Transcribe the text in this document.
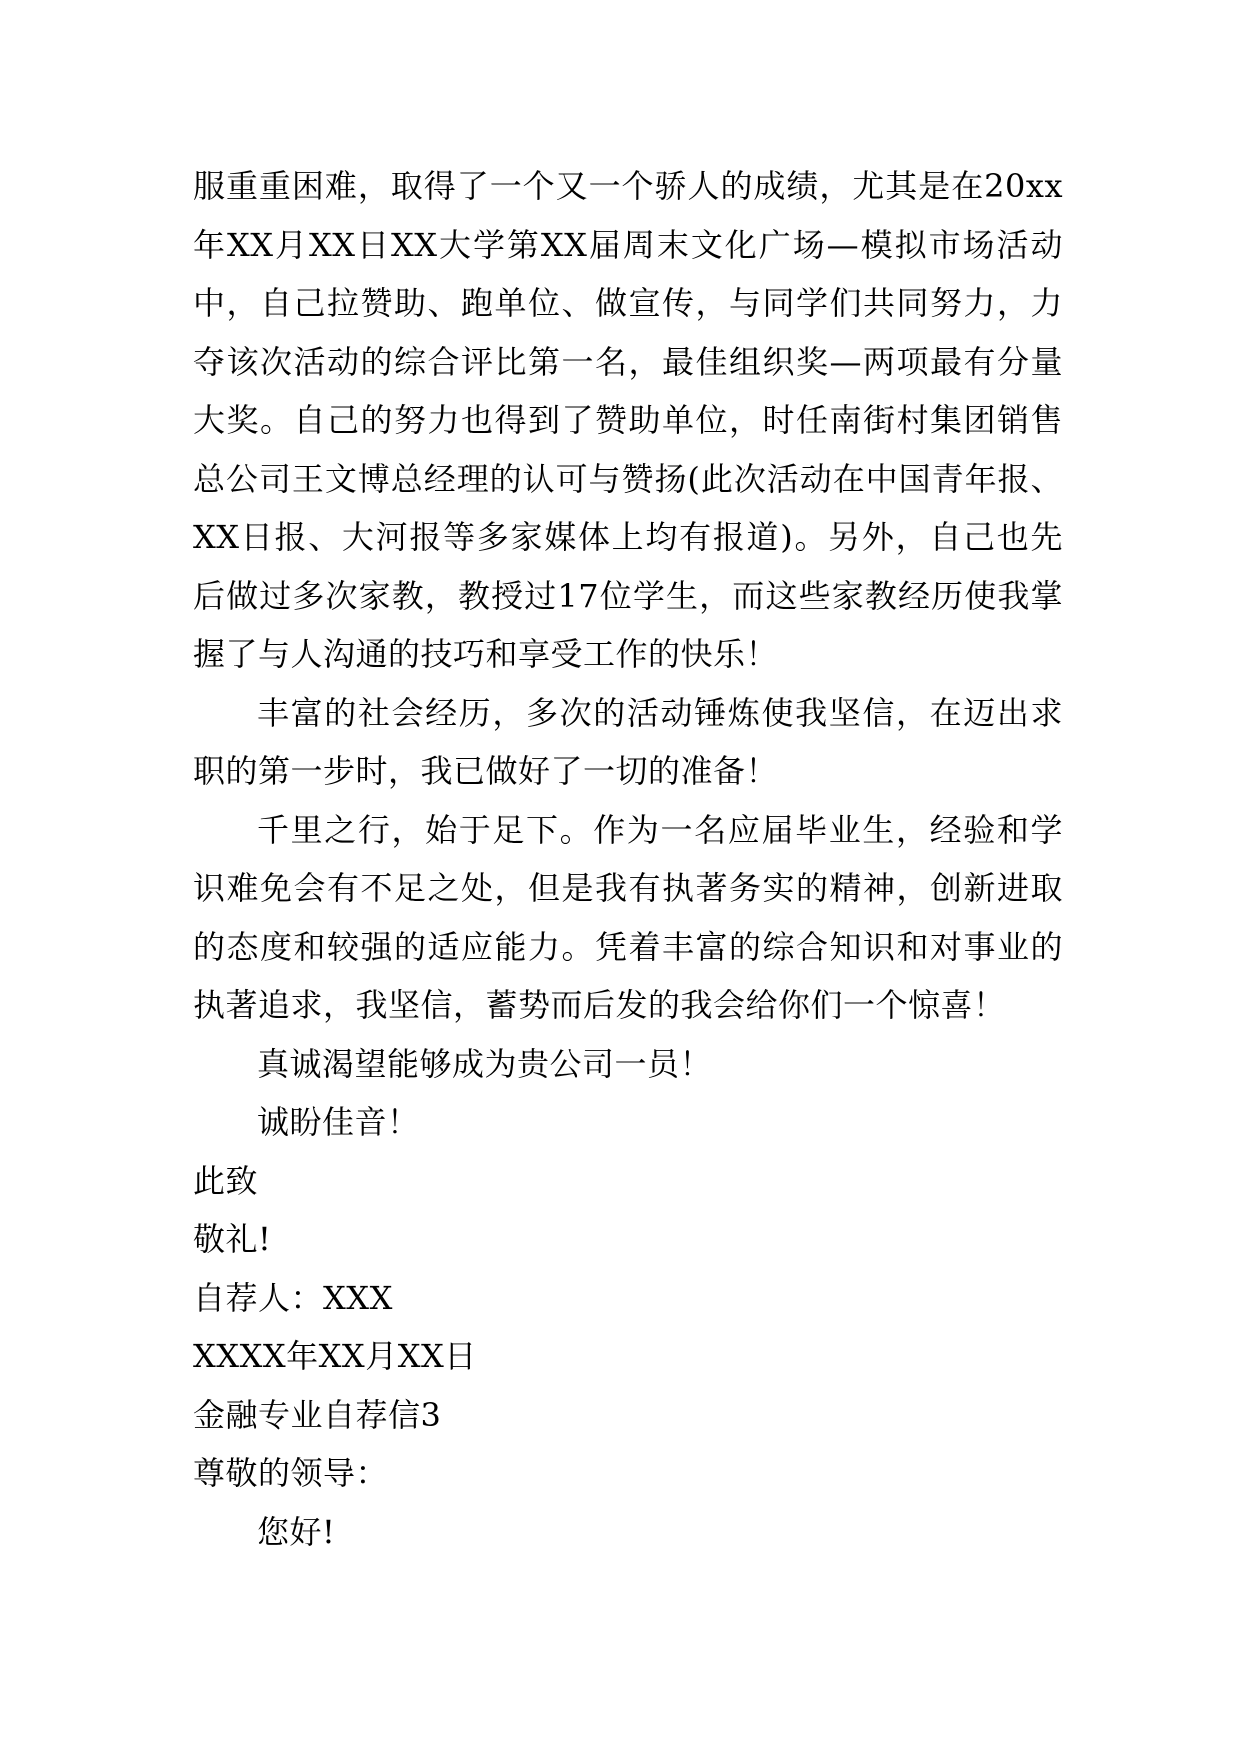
服重重困难，取得了一个又一个骄人的成绩，尤其是在20xx年XX月XX日XX大学第XX届周末文化广场—模拟市场活动中，自己拉赞助、跑单位、做宣传，与同学们共同努力，力夺该次活动的综合评比第一名，最佳组织奖—两项最有分量大奖。自己的努力也得到了赞助单位，时任南街村集团销售总公司王文博总经理的认可与赞扬(此次活动在中国青年报、XX日报、大河报等多家媒体上均有报道)。另外，自己也先后做过多次家教，教授过17位学生，而这些家教经历使我掌握了与人沟通的技巧和享受工作的快乐！

丰富的社会经历，多次的活动锤炼使我坚信，在迈出求职的第一步时，我已做好了一切的准备！

千里之行，始于足下。作为一名应届毕业生，经验和学识难免会有不足之处，但是我有执著务实的精神，创新进取的态度和较强的适应能力。凭着丰富的综合知识和对事业的执著追求，我坚信，蓄势而后发的我会给你们一个惊喜！

真诚渴望能够成为贵公司一员！

诚盼佳音！

此致

敬礼!

自荐人：XXX

XXXX年XX月XX日

金融专业自荐信3

尊敬的领导：

您好!
